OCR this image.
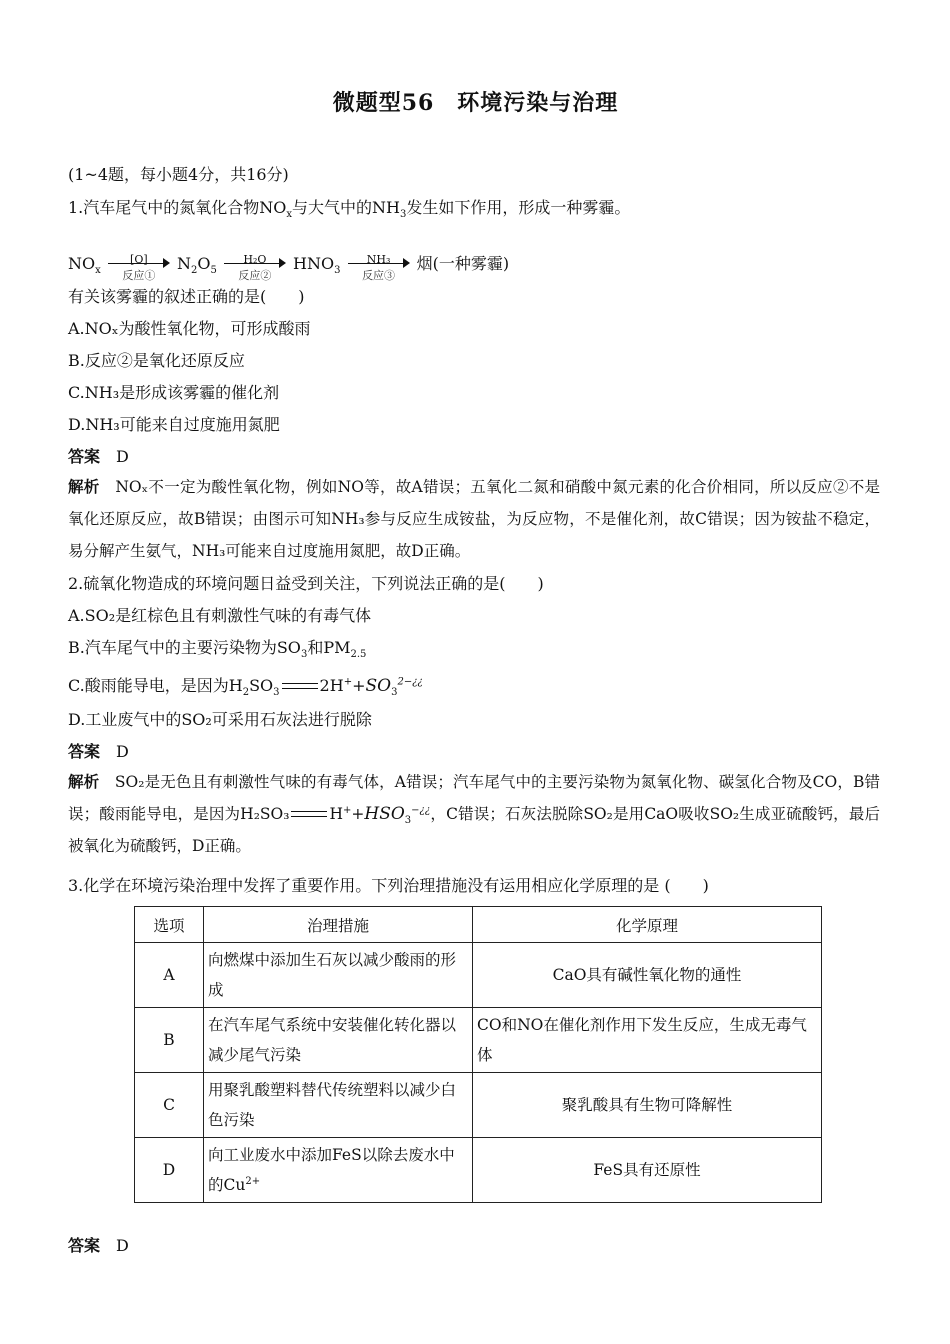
微题型56　环境污染与治理
(1~4题，每小题4分，共16分)
1.汽车尾气中的氮氧化合物$NO_x$与大气中的$NH_3$发生如下作用，形成一种雾霾。
$NO_x$
[O]
反应①
$N_2O_5$
H₂O
反应②
$HNO_3$
NH₃
反应③
烟(一种雾霾)
有关该雾霾的叙述正确的是(　　)
A.NOₓ为酸性氧化物，可形成酸雨
B.反应②是氧化还原反应
C.NH₃是形成该雾霾的催化剂
D.NH₃可能来自过度施用氮肥
答案　 D
解析　 NOₓ不一定为酸性氧化物，例如NO等，故A错误；五氧化二氮和硝酸中氮元素的化合价相同，所以反应②不是氧化还原反应，故B错误；由图示可知NH₃参与反应生成铵盐，为反应物，不是催化剂，故C错误；因为铵盐不稳定，易分解产生氨气，NH₃可能来自过度施用氮肥，故D正确。
2.硫氧化物造成的环境问题日益受到关注，下列说法正确的是(　　)
A.SO₂是红棕色且有刺激性气味的有毒气体
B.汽车尾气中的主要污染物为$SO_3$和$PM_{2.5}$
C.酸雨能导电，是因为$H_2SO_3$	$2H^++SO_3^{2-¿¿}$
D.工业废气中的SO₂可采用石灰法进行脱除
答案　 D
解析　 SO₂是无色且有刺激性气味的有毒气体，A错误；汽车尾气中的主要污染物为氮氧化物、碳氢化合物及CO，B错误；酸雨能导电，是因为H₂SO₃	$H^++HSO_3^{-¿¿}$，C错误；石灰法脱除SO₂是用CaO吸收SO₂生成亚硫酸钙，最后被氧化为硫酸钙，D正确。
3.化学在环境污染治理中发挥了重要作用。下列治理措施没有运用相应化学原理的是 (　　)
选项	治理措施	化学原理
A	向燃煤中添加生石灰以减少酸雨的形成	CaO具有碱性氧化物的通性
B	在汽车尾气系统中安装催化转化器以减少尾气污染	CO和NO在催化剂作用下发生反应，生成无毒气体
C	用聚乳酸塑料替代传统塑料以减少白色污染	聚乳酸具有生物可降解性
D	向工业废水中添加FeS以除去废水中的$Cu^{2+}$	FeS具有还原性
答案　 D
